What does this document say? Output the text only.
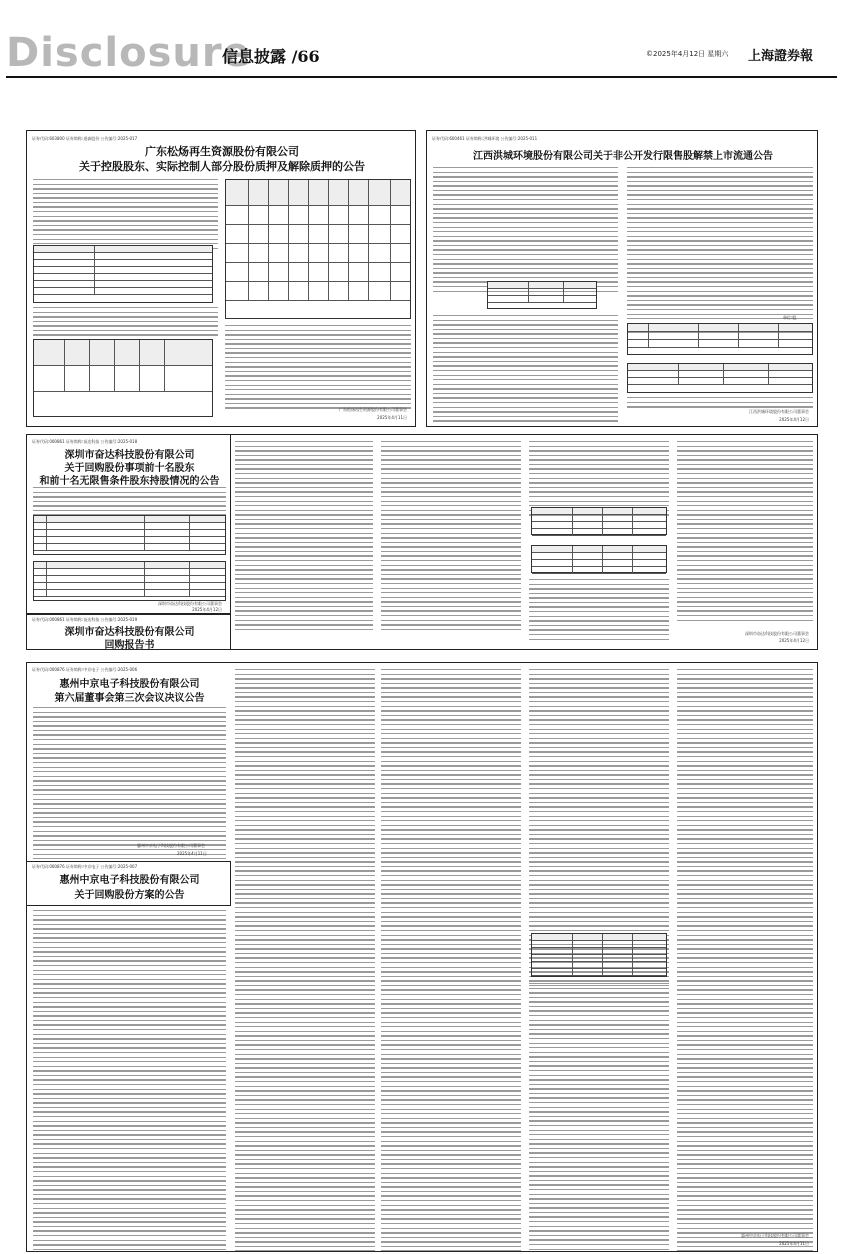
Disclosure
信息披露 /66	©2025年4月12日 星期六 上海證券報
证券代码:603800 证券简称:道森股份 公告编号:2025-017
广东松炀再生资源股份有限公司
关于控股股东、实际控制人部分股份质押及解除质押的公告
广东松炀再生资源股份有限公司董事会
2025年4月11日
证券代码:600461 证券简称:洪城环境 公告编号:2025-011
江西洪城环境股份有限公司关于非公开发行限售股解禁上市流通公告
单位:股
江西洪城环境股份有限公司董事会
2025年4月12日
证券代码:000861 证券简称:奋达科技 公告编号:2025-018
深圳市奋达科技股份有限公司
关于回购股份事项前十名股东
和前十名无限售条件股东持股情况的公告
深圳市奋达科技股份有限公司董事会
2025年4月12日
证券代码:000861 证券简称:奋达科技 公告编号:2025-019
深圳市奋达科技股份有限公司
回购报告书
深圳市奋达科技股份有限公司董事会
2025年4月12日
证券代码:000876 证券简称:中京电子 公告编号:2025-006
惠州中京电子科技股份有限公司
第六届董事会第三次会议决议公告
惠州中京电子科技股份有限公司董事会
2025年4月11日
证券代码:000876 证券简称:中京电子 公告编号:2025-007
惠州中京电子科技股份有限公司
关于回购股份方案的公告
惠州中京电子科技股份有限公司董事会
2025年4月11日
